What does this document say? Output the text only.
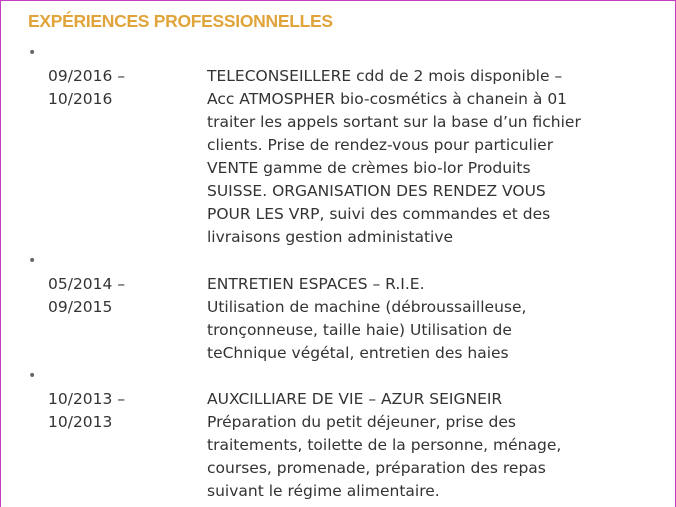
EXPÉRIENCES PROFESSIONNELLES
•
09/2016 –
10/2016
TELECONSEILLERE cdd de 2 mois disponible –
Acc ATMOSPHER bio-cosmétics à chanein à 01
traiter les appels sortant sur la base d’un fichier
clients. Prise de rendez-vous pour particulier
VENTE gamme de crèmes bio-lor Produits
SUISSE. ORGANISATION DES RENDEZ VOUS
POUR LES VRP, suivi des commandes et des
livraisons gestion administative
•
05/2014 –
09/2015
ENTRETIEN ESPACES – R.I.E.
Utilisation de machine (débroussailleuse,
tronçonneuse, taille haie) Utilisation de
teChnique végétal, entretien des haies
•
10/2013 –
10/2013
AUXCILLIARE DE VIE – AZUR SEIGNEIR
Préparation du petit déjeuner, prise des
traitements, toilette de la personne, ménage,
courses, promenade, préparation des repas
suivant le régime alimentaire.
